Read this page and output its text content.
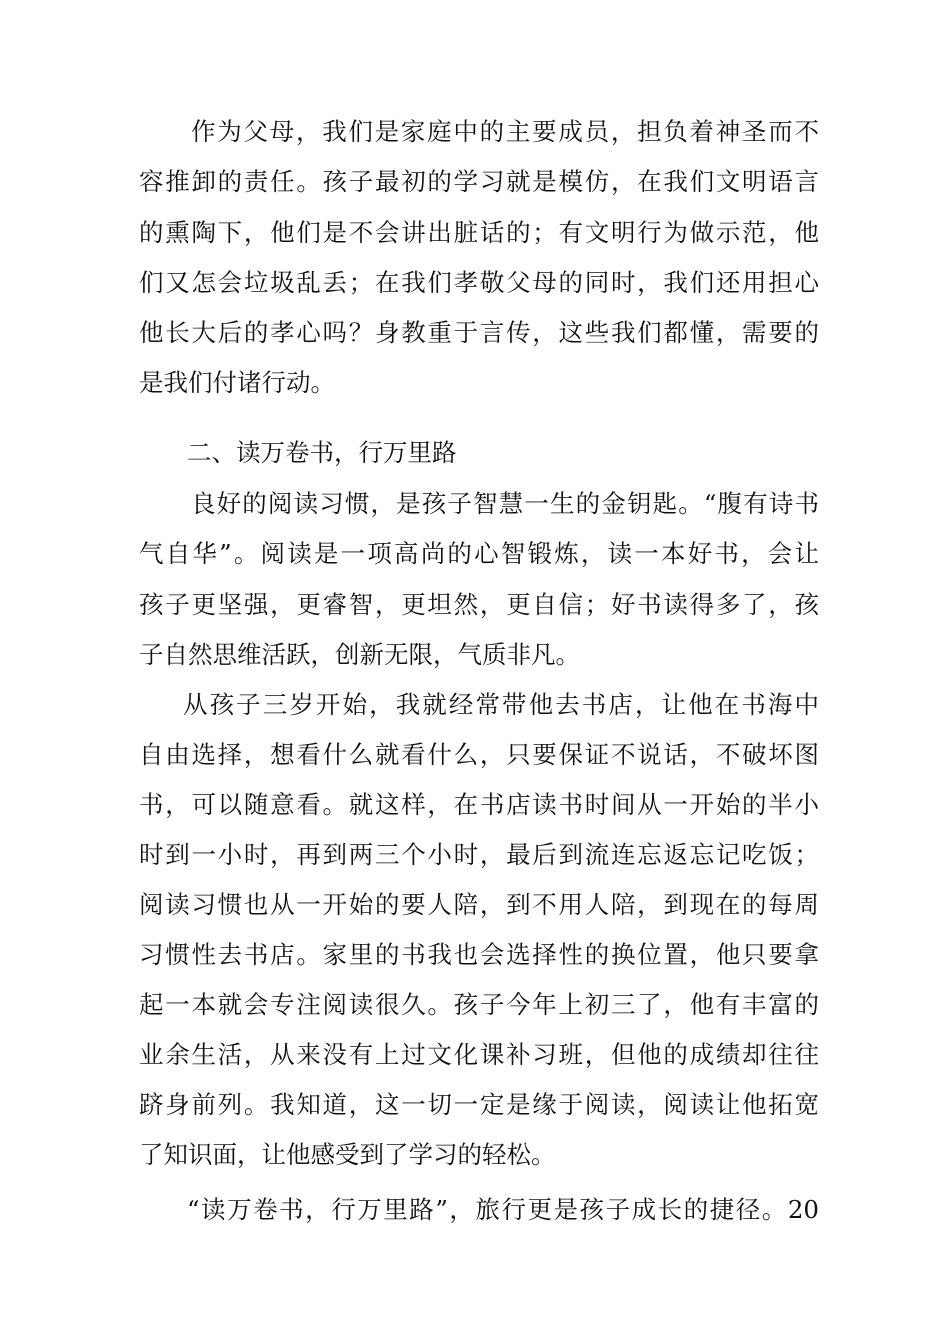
作为父母，我们是家庭中的主要成员，担负着神圣而不
容推卸的责任。孩子最初的学习就是模仿，在我们文明语言
的熏陶下，他们是不会讲出脏话的；有文明行为做示范，他
们又怎会垃圾乱丢；在我们孝敬父母的同时，我们还用担心
他长大后的孝心吗？身教重于言传，这些我们都懂，需要的
是我们付诸行动。
二、读万卷书，行万里路
良好的阅读习惯，是孩子智慧一生的金钥匙。“腹有诗书
气自华”。阅读是一项高尚的心智锻炼，读一本好书，会让
孩子更坚强，更睿智，更坦然，更自信；好书读得多了，孩
子自然思维活跃，创新无限，气质非凡。
从孩子三岁开始，我就经常带他去书店，让他在书海中
自由选择，想看什么就看什么，只要保证不说话，不破坏图
书，可以随意看。就这样，在书店读书时间从一开始的半小
时到一小时，再到两三个小时，最后到流连忘返忘记吃饭；
阅读习惯也从一开始的要人陪，到不用人陪，到现在的每周
习惯性去书店。家里的书我也会选择性的换位置，他只要拿
起一本就会专注阅读很久。孩子今年上初三了，他有丰富的
业余生活，从来没有上过文化课补习班，但他的成绩却往往
跻身前列。我知道，这一切一定是缘于阅读，阅读让他拓宽
了知识面，让他感受到了学习的轻松。
“读万卷书，行万里路”，旅行更是孩子成长的捷径。20
